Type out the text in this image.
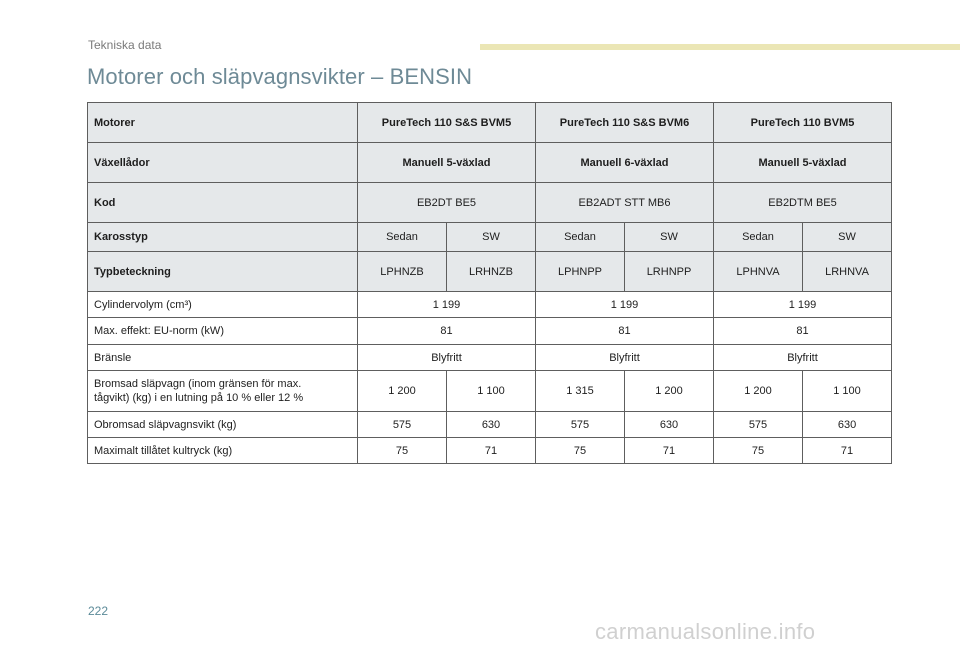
Tekniska data
Motorer och släpvagnsvikter – BENSIN
Motorer	PureTech 110 S&S BVM5		PureTech 110 S&S BVM6		PureTech 110 BVM5	
Växellådor	Manuell 5-växlad		Manuell 6-växlad		Manuell 5-växlad	
Kod	EB2DT BE5		EB2ADT STT MB6		EB2DTM BE5	
Karosstyp	Sedan	SW	Sedan	SW	Sedan	SW
Typbeteckning	LPHNZB	LRHNZB	LPHNPP	LRHNPP	LPHNVA	LRHNVA
Cylindervolym (cm³)	1 199		1 199		1 199	
Max. effekt: EU-norm (kW)	81		81		81	
Bränsle	Blyfritt		Blyfritt		Blyfritt	
Bromsad släpvagn (inom gränsen för max.
tågvikt) (kg) i en lutning på 10 % eller 12 %	1 200	1 100	1 315	1 200	1 200	1 100
Obromsad släpvagnsvikt (kg)	575	630	575	630	575	630
Maximalt tillåtet kultryck (kg)	75	71	75	71	75	71
222
carmanualsonline.info
